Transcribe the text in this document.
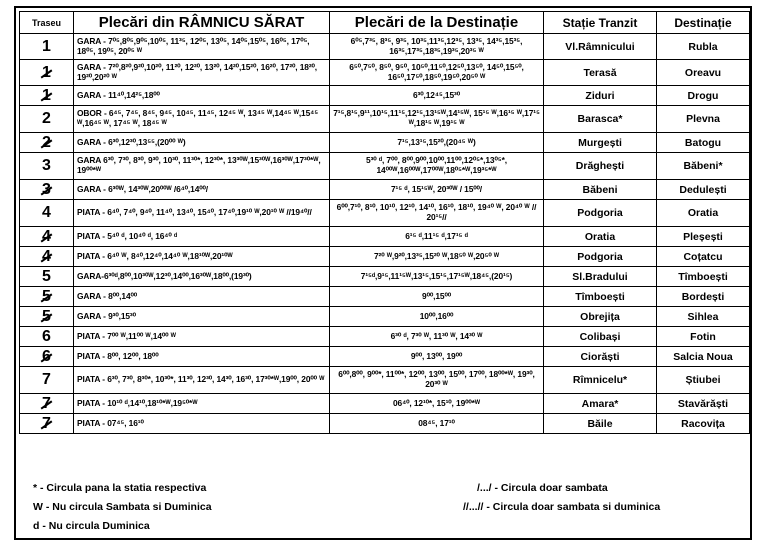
Traseu	Plecări din RÂMNICU SĂRAT	Plecări de la Destinație	Stație Tranzit	Destinație
1	GARA - 7⁰⁵,8⁰⁵,9⁰⁵,10⁰⁵, 11³⁵, 12⁰⁵, 13⁰⁵, 14⁰⁵,15⁰⁵, 16⁰⁵, 17⁰⁵, 18⁰⁵, 19⁰⁵, 20⁰⁵ ᵂ	6⁰⁵,7³⁵, 8³⁵, 9³⁵, 10³⁵,11³⁵,12³⁵, 13³⁵, 14³⁵,15³⁵, 16³⁵,17³⁵,18³⁵,19³⁵,20³⁵ ᵂ	Vl.Râmnicului	Rubla
1	GARA - 7²⁰,8²⁰,9²⁰,10²⁰, 11²⁰, 12²⁰, 13²⁰, 14²⁰,15²⁰, 16²⁰, 17²⁰, 18²⁰, 19²⁰,20²⁰ ᵂ	6⁵⁰,7⁵⁰, 8⁵⁰, 9⁵⁰, 10⁵⁰,11⁵⁰,12⁵⁰,13⁵⁰, 14⁵⁰,15⁵⁰, 16⁵⁰,17⁵⁰,18⁵⁰,19⁵⁰,20⁵⁰ ᵂ	Terasă	Oreavu
1	GARA - 11⁴⁰,14²⁵,18⁰⁰	6³⁰,12⁴⁵,15³⁰	Ziduri	Drogu
2	OBOR - 6⁴⁵, 7⁴⁵, 8⁴⁵, 9⁴⁵, 10⁴⁵, 11⁴⁵, 12⁴⁵ ᵂ, 13⁴⁵ ᵂ,14⁴⁵ ᵂ,15⁴⁵ ᵂ,16⁴⁵ ᵂ, 17⁴⁵ ᵂ, 18⁴⁵ ᵂ	7¹⁵,8¹⁵,9¹¹,10¹⁵,11¹⁵,12¹⁵,13¹⁵ᵂ,14¹⁵ᵂ, 15¹⁵ ᵂ,16¹⁵ ᵂ,17¹⁵ ᵂ,18¹⁵ ᵂ,19¹⁵ ᵂ	Barasca*	Plevna
2	GARA - 6³⁰,12³⁰,13⁵⁵,(20⁰⁰ ᵂ)	7¹⁵,13¹⁵,15²⁰,(20⁴⁵ ᵂ)	Murgești	Batogu
3	GARA 6³⁰, 7³⁰, 8³⁰, 9³⁰, 10³⁰, 11³⁰*, 12³⁰*, 13³⁰ᵂ,15³⁰ᵂ,16³⁰ᵂ,17³⁰*ᵂ, 19⁰⁰*ᵂ	5³⁰ ᵈ, 7⁰⁰, 8⁰⁰,9⁰⁰,10⁰⁰,11⁰⁰,12⁰⁵*,13⁰⁵*, 14⁰⁰ᵂ,16⁰⁰ᵂ,17⁰⁰ᵂ,18⁰⁵*ᵂ,19³⁵*ᵂ	Drăghești	Băbeni*
3	GARA - 6³⁰ᵂ, 14³⁰ᵂ,20⁰⁰ᵂ /6⁴⁰,14⁰⁰/	7¹⁵ ᵈ, 15¹⁵ᵂ, 20³⁰ᵂ / 15⁰⁰/	Băbeni	Dedulești
4	PIATA - 6⁴⁰, 7⁴⁰, 9⁴⁰, 11⁴⁰, 13⁴⁰, 15⁴⁰, 17⁴⁰,19¹⁰ ᵂ,20¹⁰ ᵂ //19⁴⁰//	6⁰⁰,7¹⁰, 8¹⁰, 10¹⁰, 12¹⁰, 14¹⁰, 16¹⁰, 18¹⁰, 19⁴⁰ ᵂ, 20⁴⁰ ᵂ // 20¹⁵//	Podgoria	Oratia
4	PIATA - 5⁴⁰ ᵈ, 10⁴⁰ ᵈ, 16⁴⁰ ᵈ	6¹⁵ ᵈ,11¹⁵ ᵈ,17¹⁵ ᵈ	Oratia	Pleșești
4	PIATA - 6⁴⁰ ᵂ, 8⁴⁰,12⁴⁰,14⁴⁰ ᵂ,18¹⁰ᵂ,20¹⁰ᵂ	7²⁰ ᵂ,9²⁰,13³⁵,15²⁰ ᵂ,18⁵⁰ ᵂ,20⁵⁰ ᵂ	Podgoria	Coțatcu
5	GARA-6³⁰ᵈ,8⁰⁰,10³⁰ᵂ,12³⁰,14⁰⁰,16³⁰ᵂ,18⁰⁰,(19³⁰)	7¹⁵ᵈ,9¹⁵,11¹⁵ᵂ,13¹⁵,15¹⁵,17¹⁵ᵂ,18⁴⁵,(20¹⁵)	Sl.Bradului	Tîmboești
5	GARA - 8⁰⁰,14⁰⁰	9⁰⁰,15⁰⁰	Tîmboești	Bordești
5	GARA - 9³⁰,15³⁰	10⁰⁰,16⁰⁰	Obrejița	Sihlea
6	PIATA - 7⁰⁰ ᵂ,11⁰⁰ ᵂ,14⁰⁰ ᵂ	6³⁰ ᵈ, 7³⁰ ᵂ, 11³⁰ ᵂ, 14³⁰ ᵂ	Colibași	Fotin
6	PIATA - 8⁰⁰, 12⁰⁰, 18⁰⁰	9⁰⁰, 13⁰⁰, 19⁰⁰	Ciorăști	Salcia Noua
7	PIATA - 6³⁰, 7³⁰, 8³⁰*, 10³⁰*, 11³⁰, 12³⁰, 14³⁰, 16³⁰, 17³⁰*ᵂ,19⁰⁰, 20⁰⁰ ᵂ	6⁰⁰,8⁰⁰, 9⁰⁰*, 11⁰⁰*, 12⁰⁰, 13⁰⁰, 15⁰⁰, 17⁰⁰, 18⁰⁰*ᵂ, 19³⁰, 20³⁰ ᵂ	Rîmnicelu*	Știubei
7	PIATA - 10¹⁰ ᵈ,14¹⁰,18¹⁰*ᵂ,19⁵⁰*ᵂ	06⁴⁰, 12¹⁰*, 15¹⁰, 19⁰⁰*ᵂ	Amara*	Stavărăști
7	PIATA - 07⁴⁵, 16¹⁰	08⁴⁵, 17¹⁰	Băile	Racovița
* - Circula pana la statia respectiva
W - Nu circula Sambata si Duminica
d - Nu circula Duminica
/.../ - Circula doar sambata
//...// - Circula doar sambata si duminica
